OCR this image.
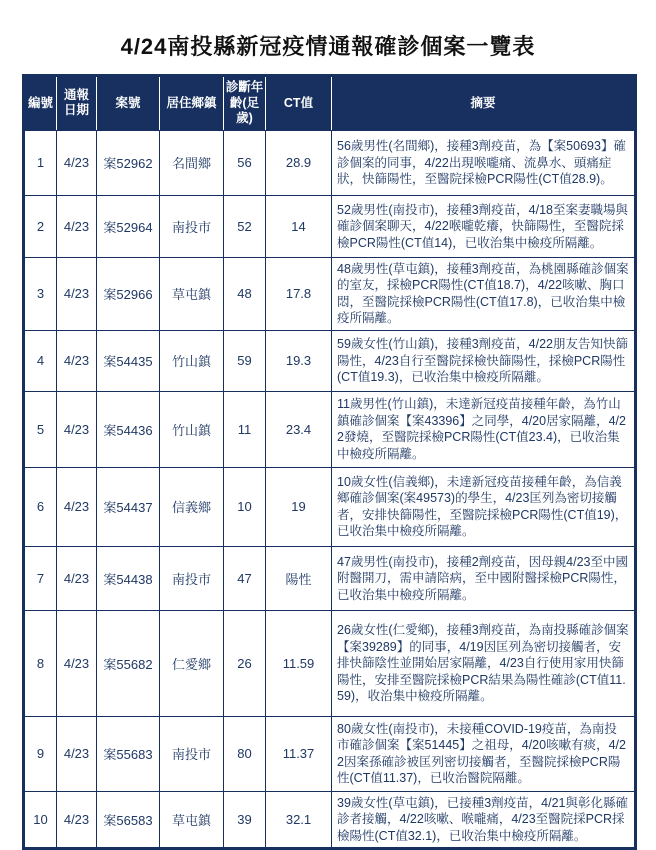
4/24南投縣新冠疫情通報確診個案一覽表
編號	通報日期	案號	居住鄉鎮	診斷年齡(足歲)	CT值	摘要
1	4/23	案52962	名間鄉	56	28.9	56歲男性(名間鄉)，接種3劑疫苗，為【案50693】確診個案的同事，4/22出現喉嚨痛、流鼻水、頭痛症狀，快篩陽性，至醫院採檢PCR陽性(CT值28.9)。
2	4/23	案52964	南投市	52	14	52歲男性(南投市)，接種3劑疫苗，4/18至案妻職場與確診個案聊天，4/22喉嚨乾癢，快篩陽性，至醫院採檢PCR陽性(CT值14)，已收治集中檢疫所隔離。
3	4/23	案52966	草屯鎮	48	17.8	48歲男性(草屯鎮)，接種3劑疫苗，為桃園縣確診個案的室友，採檢PCR陽性(CT值18.7)，4/22咳嗽、胸口悶，至醫院採檢PCR陽性(CT值17.8)，已收治集中檢疫所隔離。
4	4/23	案54435	竹山鎮	59	19.3	59歲女性(竹山鎮)，接種3劑疫苗，4/22朋友告知快篩陽性，4/23自行至醫院採檢快篩陽性，採檢PCR陽性(CT值19.3)，已收治集中檢疫所隔離。
5	4/23	案54436	竹山鎮	11	23.4	11歲男性(竹山鎮)，未達新冠疫苗接種年齡，為竹山鎮確診個案【案43396】之同學，4/20居家隔離，4/22發燒，至醫院採檢PCR陽性(CT值23.4)，已收治集中檢疫所隔離。
6	4/23	案54437	信義鄉	10	19	10歲女性(信義鄉)，未達新冠疫苗接種年齡，為信義鄉確診個案(案49573)的學生，4/23匡列為密切接觸者，安排快篩陽性，至醫院採檢PCR陽性(CT值19)，已收治集中檢疫所隔離。
7	4/23	案54438	南投市	47	陽性	47歲男性(南投市)，接種2劑疫苗，因母親4/23至中國附醫開刀，需申請陪病，至中國附醫採檢PCR陽性，已收治集中檢疫所隔離。
8	4/23	案55682	仁愛鄉	26	11.59	26歲女性(仁愛鄉)，接種3劑疫苗，為南投縣確診個案【案39289】的同事，4/19因匡列為密切接觸者，安排快篩陰性並開始居家隔離，4/23自行使用家用快篩陽性，安排至醫院採檢PCR結果為陽性確診(CT值11.59)，收治集中檢疫所隔離。
9	4/23	案55683	南投市	80	11.37	80歲女性(南投市)，未接種COVID-19疫苗，為南投市確診個案【案51445】之祖母，4/20咳嗽有痰，4/22因案孫確診被匡列密切接觸者，至醫院採檢PCR陽性(CT值11.37)，已收治醫院隔離。
10	4/23	案56583	草屯鎮	39	32.1	39歲女性(草屯鎮)，已接種3劑疫苗，4/21與彰化縣確診者接觸，4/22咳嗽、喉嚨痛，4/23至醫院採PCR採檢陽性(CT值32.1)，已收治集中檢疫所隔離。
